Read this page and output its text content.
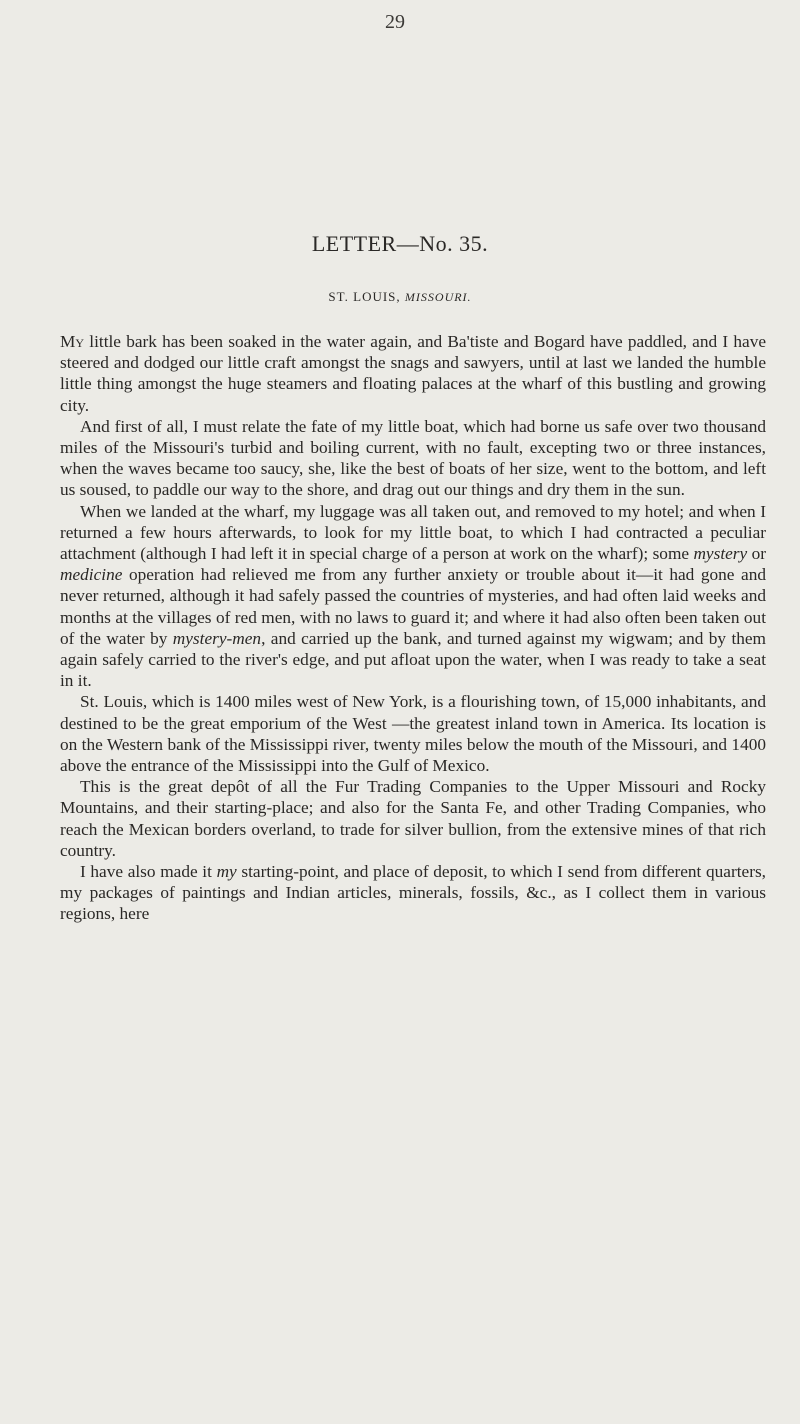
29
LETTER—No. 35.
ST. LOUIS, MISSOURI.

My little bark has been soaked in the water again, and Ba'tiste and Bogard have paddled, and I have steered and dodged our little craft amongst the snags and sawyers, until at last we landed the humble little thing amongst the huge steamers and floating palaces at the wharf of this bustling and growing city.

And first of all, I must relate the fate of my little boat, which had borne us safe over two thousand miles of the Missouri's turbid and boiling current, with no fault, excepting two or three instances, when the waves became too saucy, she, like the best of boats of her size, went to the bottom, and left us soused, to paddle our way to the shore, and drag out our things and dry them in the sun.

When we landed at the wharf, my luggage was all taken out, and removed to my hotel; and when I returned a few hours afterwards, to look for my little boat, to which I had contracted a peculiar attachment (although I had left it in special charge of a person at work on the wharf); some mystery or medicine operation had relieved me from any further anxiety or trouble about it—it had gone and never returned, although it had safely passed the countries of mysteries, and had often laid weeks and months at the villages of red men, with no laws to guard it; and where it had also often been taken out of the water by mystery-men, and carried up the bank, and turned against my wigwam; and by them again safely carried to the river's edge, and put afloat upon the water, when I was ready to take a seat in it.

St. Louis, which is 1400 miles west of New York, is a flourishing town, of 15,000 inhabitants, and destined to be the great emporium of the West —the greatest inland town in America. Its location is on the Western bank of the Mississippi river, twenty miles below the mouth of the Missouri, and 1400 above the entrance of the Mississippi into the Gulf of Mexico.

This is the great depôt of all the Fur Trading Companies to the Upper Missouri and Rocky Mountains, and their starting-place; and also for the Santa Fe, and other Trading Companies, who reach the Mexican borders overland, to trade for silver bullion, from the extensive mines of that rich country.

I have also made it my starting-point, and place of deposit, to which I send from different quarters, my packages of paintings and Indian articles, minerals, fossils, &c., as I collect them in various regions, here
